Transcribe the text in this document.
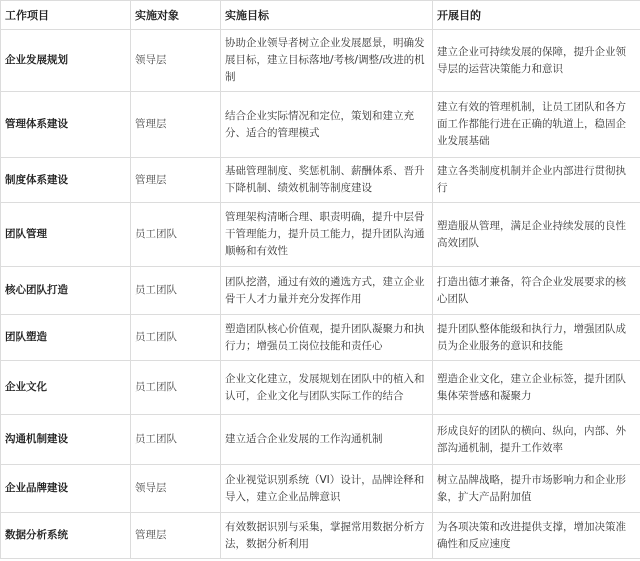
工作项目	实施对象	实施目标	开展目的
企业发展规划	领导层	协助企业领导者树立企业发展愿景，明确发展目标，建立目标落地/考核/调整/改进的机制	建立企业可持续发展的保障，提升企业领导层的运营决策能力和意识
管理体系建设	管理层	结合企业实际情况和定位，策划和建立充分、适合的管理模式	建立有效的管理机制，让员工团队和各方面工作都能行进在正确的轨道上，稳固企业发展基础
制度体系建设	管理层	基础管理制度、奖惩机制、薪酬体系、晋升下降机制、绩效机制等制度建设	建立各类制度机制并企业内部进行贯彻执行
团队管理	员工团队	管理架构清晰合理、职责明确，提升中层骨干管理能力，提升员工能力，提升团队沟通顺畅和有效性	塑造服从管理，满足企业持续发展的良性高效团队
核心团队打造	员工团队	团队挖潜，通过有效的遴选方式，建立企业骨干人才力量并充分发挥作用	打造出德才兼备，符合企业发展要求的核心团队
团队塑造	员工团队	塑造团队核心价值观，提升团队凝聚力和执行力；增强员工岗位技能和责任心	提升团队整体能级和执行力，增强团队成员为企业服务的意识和技能
企业文化	员工团队	企业文化建立，发展规划在团队中的植入和认可，企业文化与团队实际工作的结合	塑造企业文化，建立企业标签，提升团队集体荣誉感和凝聚力
沟通机制建设	员工团队	建立适合企业发展的工作沟通机制	形成良好的团队的横向、纵向，内部、外部沟通机制，提升工作效率
企业品牌建设	领导层	企业视觉识别系统（VI）设计，品牌诠释和导入，建立企业品牌意识	树立品牌战略，提升市场影响力和企业形象，扩大产品附加值
数据分析系统	管理层	有效数据识别与采集，掌握常用数据分析方法，数据分析利用	为各项决策和改进提供支撑，增加决策准确性和反应速度
